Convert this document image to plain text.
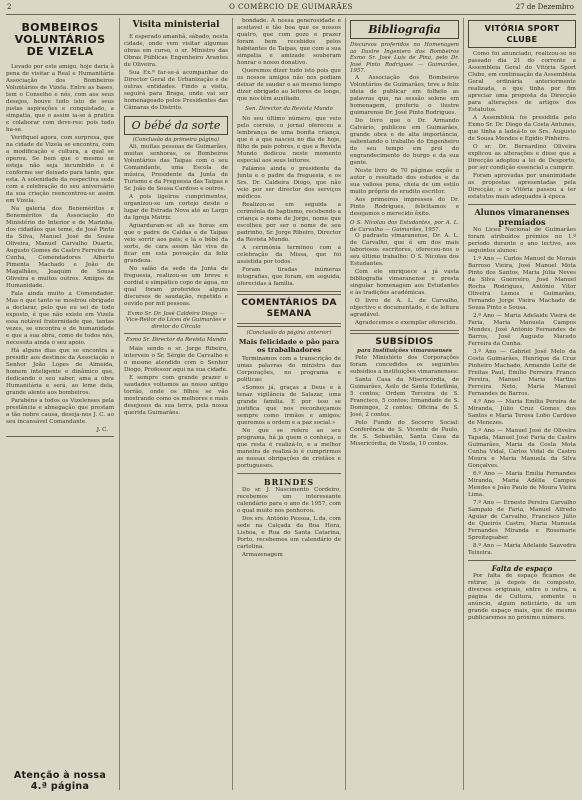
2	O COMÉRCIO DE GUIMARÃES	27 de Dezembro
BOMBEIROS VOLUNTÁRIOS DE VIZELA

Levado por este amigo, hoje daria à pena de visitar a Real e Humanitária Associação dos Bombeiros Voluntários de Vizela. Entre as bases, tem o Conselho e nós, com aos seus desejos, houve tudo isto de seus justas aspirações e conquistado, a simpatia, que o assim ia-se à pratica e colaborar com deve-res: pois tudo ha-se.

Verifiquei agora, com surpresa, que na cidade de Vizela se encontra, com a modificação e cultura, a qual se operou. Se bem que o mesmo se esteja não seja incumbido e é conforme ser deixado para tanto, que esta. A solenidade da respectiva sede com a celebração do seu aniversário da sua criação reencontrou-se assim em Vizela.

Na galeria dos Beneméritos e Beneméritos da Associação do Ministério do Interior e de Marinha, dos cidadãos que teme, de José Pinto da Silva, Manuel José de Sousa Oliveira, Manuel Carvalho Duarte, Augusto Gomes de Castro Ferreira da Cunha, Comendadores Alberto Pimenta Machado e João de Magalhães, Joaquim de Sousa Oliveira e muitos outros. Amigos de Humanidade.

Fala ainda muito a Comendador. Mas o que tanto se mostrou obrigado a declarar, pelo que eu sei de todo exposto, é que não existe em Vizela essa notável fraternidade que, tantas vezes, se encontra e de humanidade e que a sua obra, como de todos nós, necessita ainda o seu apoio.

Há alguns dias que se encontra a presidir aos destinos da Associação o Senhor João Lopes de Almeida, homem inteligente e dinâmico que, dedicando o seu saber, ama a obra Humanitária e será, ao leme dela, grande alento aos bombeiros.

Parabéns a todos os Vizelenses pela prestância e abnegação que prestam a tão nobre causa, deseja-nos J. C. ao seu incansável Comandante.

J. C.
Atenção à nossa 4.ª página
Visita ministerial

E esperado amanhã, sábado, nesta cidade, onde vem visitar algumas obras em curso, o sr. Ministro das Obras Públicas Engenheiro Arantes de Oliveira.

Sua Ex.ª far-se-á acompanhar do Director Geral de Urbanização e de outras entidades. Findo a visita, seguirá para Braga, onde vai ser homenageado pelos Presidentes das Câmaras do Distrito.

O bébé da sorte
(Conclusão da primeira página)

Ali, muitas pessoas de Guimarães, muitas senhoras, os Bombeiros Voluntários das Taipas com o seu Comandante, uma Escola de música, Presidente da Junta de Turismo e da Freguesia das Taipas e Sr. João de Sousa Cardoso e outros.

A pois ligeiros cumprimentos, organizou-se um cortejo desde o lugar de Estrada Nova até ao Largo da Igreja Matriz.

Aguardaram-se ali as horas em que o padre de Caldas e de Taipas veio sorrir aos pais; e lá o bébé da sorte, de cara assim tão viva de ficar em esta povoação da feliz grandeza.

No salão da sede da Junta de freguesia, realizou-se um breve e cordial e simpático copo de água, no qual foram proferidos alguns discursos de saudação, repetido e ouvido por mil pessoas.

Exmo Sr. Dr. José Caldeira Diogo — Vice-Reitor do Liceu de Guimarães e diretor do Círculo
Exmo Sr. Director da Revista Mundo

Mais sendo o sr. Jorge Ribeiro, interveio o Sr. Sérgio de Carvalho e o mesmo atendido com o Senhor Diogo, Professor aqui na sua cidade.

E sempre com grande prazer e saudades voltamos ao nosso antigo torrão, onde os filhos se vão mostrando como os melhores e mais desejosos da sua terra, pela nossa querida Guimarães.

bondade. A nossa generosidade é aceitavel e tão boa que os nossos quatro, que com gozo e prazer foram bem recebidos pelos habitantes de Taipas, que com a sua simpatia e amizade souberam honrar o nosso donativo.

Queremos dizer tudo isto pois que os nossos amigos não nos podiam deixar de saudar e ao mesmo tempo dizer obrigado ao leitores de longe, que nos têm auxiliado.

Sen. Director da Revista Mundo

No seu último número, que veio pelo correio, o jornal ofereceu a lembrança de uma bonita criança, que é a que nasceu no dia de hoje, filho de pais pobres, e que a Revista Mundo dedicou neste momento especial aos seus leitores.

Falámos ainda o presidente da Junta e o padre da freguesia, e os Srs. Dr. Caldeira Diogo, que não veio por ser director dos serviços médicos.

Realizou-se em seguida a cerimónia do baptismo, recebendo a criança o nome de Jorge, nome que escolheu por ser o nome de seu padrinho, Sr. Jorge Ribeiro, Director da Revista Mundo.

A cerimónia terminou com a celebração da Missa, que foi assistida por todos.

Foram tiradas inúmeras fotografias, que foram, em seguida, oferecidas à família.

COMENTÁRIOS DA SEMANA
(Conclusão da página anterior)
Mais felicidade e pão para os trabalhadores

Terminamos com a transcrição de umas palavras do ministro das Corporações, no programa e políticas:

«Somos já, graças a Deus e à tenaz vigilância de Salazar, uma grande família. E por isso se justifica que nos reconheçamos sempre como irmãos e amigos; queremos a ordem e a paz social.»

No que se refere ao seu programa, há já quem o conheça, o que resta é realizá-lo, e a melhor maneira de realizá-lo é cumprirmos as nossas obrigações de cristãos e portugueses.

BRINDES

Do sr. J. Nascimento Cordeiro, recebemos um interessante calendário para o ano de 1957, com o qual muito nos penhorou.

Dos srs. António Pessoa, L.da, com sede na Calçada da Boa Hora, Lisboa, e Rua do Santa Catarina, Porto, recebemos um calendário de cartolina.

Armazenagem

Bibliografia
Discursos proferidos no Homenagem ao Ilustre Ingeniero dos Bombeiros Exmo Sr. José Luís de Pina, pelo Dr. José Pinto Rodrigues — Guimarães, 1957.

A Associação dos Bombeiros Voluntários de Guimarães, teve a feliz ideia de publicar em folheto as palavras que, na sessão solene em homenagem, proferiu o ilustre guimarense Dr. José Pinto Rodrigues.

Do livro que o Dr. Armando Calvário, publicou em Guimarães, grande obra e de alta importância, salientando o trabalho do Engenheiro do seu tempo em prol do engrandecimento do burgo e da sua gente.

Neste livro de 70 páginas expõe o autor o resultado dos estudos e da sua valiosa pena, cheia de um estilo muito próprio de erudito escritor.

Aos primeiros impressos do Dr. Pinto Rodrigues, felicitamos e desejamos o merecido êxito.

O S. Nicolau dos Estudantes, por A. L. de Carvalho — Guimarães, 1957.

O padrasto vimaranense, Dr. A. L. de Carvalho, que é um dos mais laboriosos escritores, ofereceu-nos o seu último trabalho: O S. Nicolau dos Estudantes.

Com ele enriquece a já vasta bibliografia vimaranense e presta singular homenagem aos Estudantes e às tradições académicas.

O livro de A. L. de Carvalho, objectivo e documentado, é de leitura agradável.

Agradecemos o exemplar oferecido.

SUBSÍDIOS
para Instituições vimaranenses

Pelo Ministério dos Corporações foram concedidos os seguintes subsídios a instituições vimaranenses:

Santa Casa da Misericórdia, de Guimarães, Asilo de Santa Estefânia, 5 contos; Ordem Terceira de S. Francisco, 5 contos; Irmandade de S. Domingos, 2 contos; Oficina de S. José, 2 contos.

Pelo Fundo do Socorro Social: Conferência de S. Vicente de Paulo, de S. Sebastião, Santa Casa da Misericórdia, de Vizela, 10 contos.

VITÓRIA SPORT CLUBE

Como foi anunciado, realizou-se no passado dia 21 do corrente a Assembleia Geral do Vitória Sport Clube, em continuação da Assembleia Geral ordinária anteriormente realizada, o que tinha por fim apreciar uma proposta da Direcção para alterações de artigos dos Estatutos.

A Assembleia foi presidida pelo Exmo Sr. Dr. Diogo da Costa Antunes, que tinha a ladeá-lo os Srs. Augusto de Sousa Mendes e Egídio Pinheiro.

O sr. Dr. Bernardino Oliveira explicou as alterações e disse que a Direcção adoptou a lei de Desporto, por ser condição essencial a cumprir.

Foram aprovadas por unanimidade as propostas apresentadas pela Direcção, e o Vitória passou a ter estatutos mais adequados à época.

Alunos vimaranenses premiados

No Liceu Nacional de Guimarães foram atribuídos prémios no 1.º período durante o ano lectivo, aos seguintes alunos:

1.º Ano — Carlos Manuel de Morais Barroso Vieira, José Manuel Mota Pinto dos Santos, Maria Júlia Neves da Silva Guerreiro, José Manuel Rocha Rodrigues, António Vítor Oliveira Lemos e Guimarães, Fernando Jorge Vieira Machado de Sousa Pinto e Sousa.

2.º Ano — Maria Adelaide Vieira de Faria, Maria Manuela Campos Mendes, José António Fernandes de Barros, José Augusto Macedo Ferreira da Cunha.

3.º Ano — Gabriel José Melo da Costa Guimarães, Henrique da Cruz Pinheiro Machado, Armando Leite de Freitas Paul, Emílio Ferreira Franco Pereira, Manuel Maria Martins Ferreira Neto, Maria Manuel Fernandes de Barros.

4.º Ano — Maria Emília Pereira de Miranda, Júlio Cruz Gomes dos Santos e Maria Teresa Lobo Cardoso de Menezes.

5.º Ano — Manuel José de Oliveira Tapada, Manuel José Faria de Castro Guimarães, Maria da Costa Mota Cunha Vidal, Carlos Vidal de Castro Moura e Maria Manuela da Silva Gonçalves.

6.º Ano — Maria Emília Fernandes Miranda, Maria Adélia Campos Mendes e João Paulo de Moura Vieira Lima.

7.º Ano — Ernesto Pereira Carvalho Sampaio de Faria, Manuel Alfredo Aguiar de Carvalho, Francisco Júlio de Queirós Castro, Maria Manuela Fernandes Miranda e Rosemarie Spreitzgsaber.

8.º Ano — Maria Adelaide Saavedra Teixeira.

Falta de espaço

Por falta de espaço ficamos de retirar, já depois de composto, diversos originais, entre o outra, a página de Cultura, somente o anúncio, algum noticiário, de um grande espaço mais, que de mesmo publicaremos no próximo número.
